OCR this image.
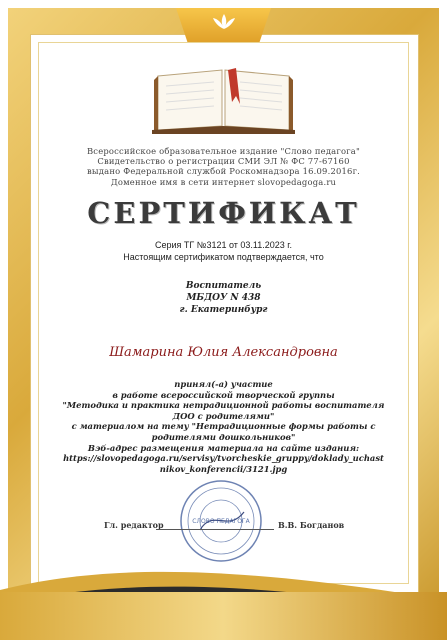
Всероссийское образовательное издание "Слово педагога"
Свидетельство о регистрации СМИ ЭЛ № ФС 77-67160
выдано Федеральной службой Роскомнадзора 16.09.2016г.
Доменное имя в сети интернет slovopedagoga.ru
СЕРТИФИКАТ
Серия ТГ №3121 от 03.11.2023 г.
Настоящим сертификатом подтверждается, что
Воспитатель
МБДОУ N 438
г. Екатеринбург
Шамарина Юлия Александровна
принял(-а) участие
в работе всероссийской творческой группы
"Методика и практика нетрадиционной работы воспитателя
ДОО с родителями"
с материалом на тему "Нетрадиционные формы работы с
родителями дошкольников"
Вэб-адрес размещения материала на сайте издания:
https://slovopedagoga.ru/servisy/tvorcheskie_gruppy/doklady_uchast
nikov_konferencii/3121.jpg
СЛОВО ПЕДАГОГА
Гл. редактор	В.В. Богданов
